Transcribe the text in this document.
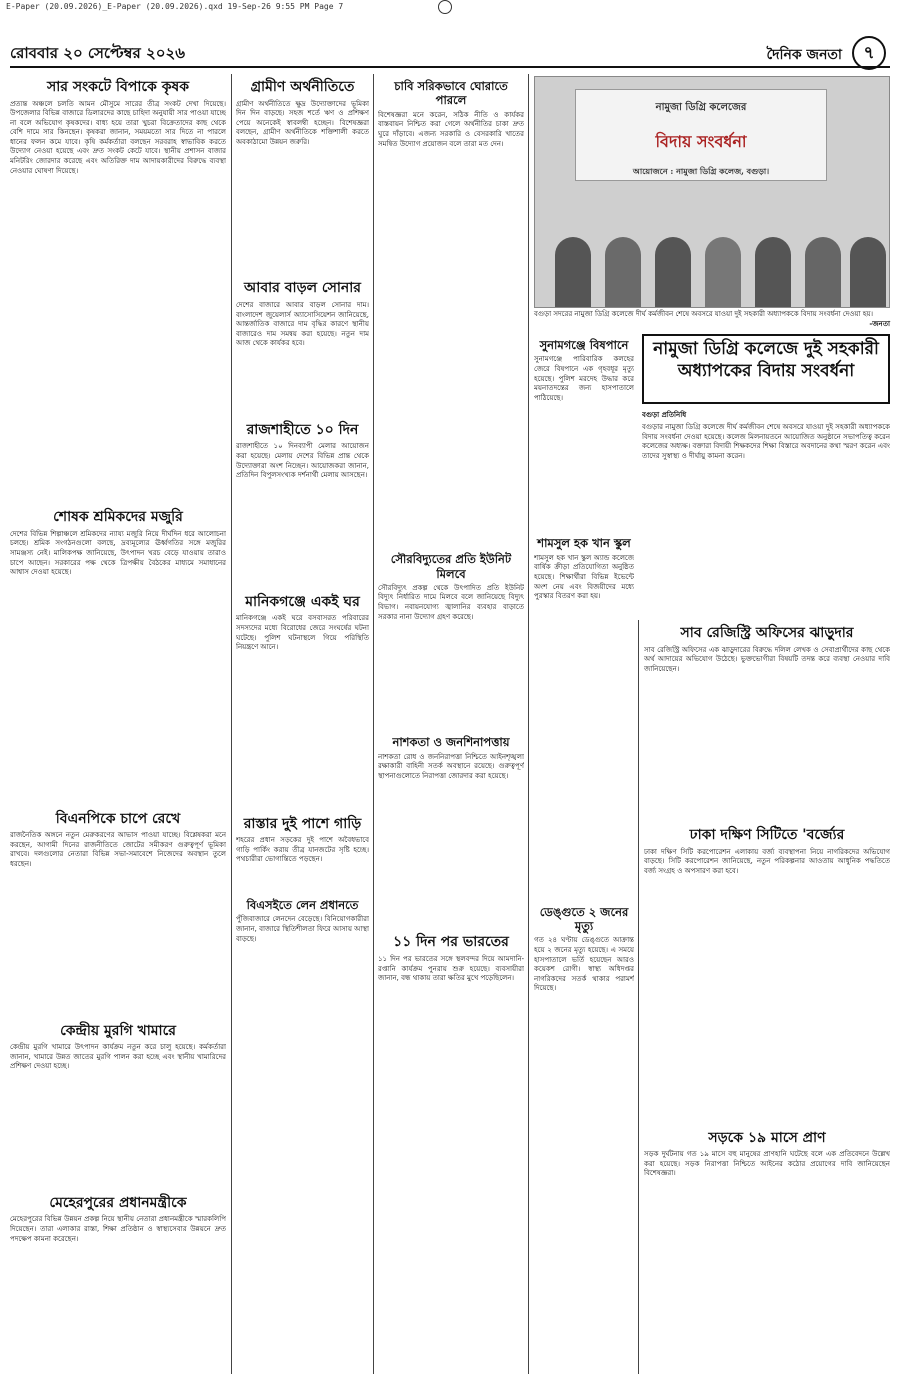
E-Paper (20.09.2026)_E-Paper (20.09.2026).qxd 19-Sep-26 9:55 PM Page 7
রোববার ২০ সেপ্টেম্বর ২০২৬	দৈনিক জনতা	৭
সার সংকটে বিপাকে কৃষক

প্রত্যন্ত অঞ্চলে চলতি আমন মৌসুমে সারের তীব্র সংকট দেখা দিয়েছে। উপজেলার বিভিন্ন বাজারে ডিলারদের কাছে চাহিদা অনুযায়ী সার পাওয়া যাচ্ছে না বলে অভিযোগ কৃষকদের। বাধ্য হয়ে তারা খুচরা বিক্রেতাদের কাছ থেকে বেশি দামে সার কিনছেন। কৃষকরা জানান, সময়মতো সার দিতে না পারলে ধানের ফলন কমে যাবে। কৃষি কর্মকর্তারা বলছেন সরবরাহ স্বাভাবিক করতে উদ্যোগ নেওয়া হয়েছে এবং দ্রুত সংকট কেটে যাবে। স্থানীয় প্রশাসন বাজার মনিটরিং জোরদার করেছে এবং অতিরিক্ত দাম আদায়কারীদের বিরুদ্ধে ব্যবস্থা নেওয়ার ঘোষণা দিয়েছে।

শোষক শ্রমিকদের মজুরি

দেশের বিভিন্ন শিল্পাঞ্চলে শ্রমিকদের ন্যায্য মজুরি নিয়ে দীর্ঘদিন ধরে আলোচনা চলছে। শ্রমিক সংগঠনগুলো বলছে, দ্রব্যমূল্যের ঊর্ধ্বগতির সঙ্গে মজুরির সামঞ্জস্য নেই। মালিকপক্ষ জানিয়েছে, উৎপাদন খরচ বেড়ে যাওয়ায় তারাও চাপে আছেন। সরকারের পক্ষ থেকে ত্রিপক্ষীয় বৈঠকের মাধ্যমে সমাধানের আশ্বাস দেওয়া হয়েছে।

বিএনপিকে চাপে রেখে

রাজনৈতিক অঙ্গনে নতুন মেরুকরণের আভাস পাওয়া যাচ্ছে। বিশ্লেষকরা মনে করছেন, আগামী দিনের রাজনীতিতে জোটের সমীকরণ গুরুত্বপূর্ণ ভূমিকা রাখবে। দলগুলোর নেতারা বিভিন্ন সভা-সমাবেশে নিজেদের অবস্থান তুলে ধরছেন।

কেন্দ্রীয় মুরগি খামারে

কেন্দ্রীয় মুরগি খামারে উৎপাদন কার্যক্রম নতুন করে চালু হয়েছে। কর্মকর্তারা জানান, খামারে উন্নত জাতের মুরগি পালন করা হচ্ছে এবং স্থানীয় খামারিদের প্রশিক্ষণ দেওয়া হচ্ছে।

মেহেরপুরের প্রধানমন্ত্রীকে

মেহেরপুরের বিভিন্ন উন্নয়ন প্রকল্প নিয়ে স্থানীয় নেতারা প্রধানমন্ত্রীকে স্মারকলিপি দিয়েছেন। তারা এলাকার রাস্তা, শিক্ষা প্রতিষ্ঠান ও স্বাস্থ্যসেবার উন্নয়নে দ্রুত পদক্ষেপ কামনা করেছেন।

গ্রামীণ অর্থনীতিতে

গ্রামীণ অর্থনীতিতে ক্ষুদ্র উদ্যোক্তাদের ভূমিকা দিন দিন বাড়ছে। সহজ শর্তে ঋণ ও প্রশিক্ষণ পেয়ে অনেকেই স্বাবলম্বী হচ্ছেন। বিশেষজ্ঞরা বলছেন, গ্রামীণ অর্থনীতিকে শক্তিশালী করতে অবকাঠামো উন্নয়ন জরুরি।

আবার বাড়ল সোনার

দেশের বাজারে আবার বাড়ল সোনার দাম। বাংলাদেশ জুয়েলার্স অ্যাসোসিয়েশন জানিয়েছে, আন্তর্জাতিক বাজারে দাম বৃদ্ধির কারণে স্থানীয় বাজারেও দাম সমন্বয় করা হয়েছে। নতুন দাম আজ থেকে কার্যকর হবে।

রাজশাহীতে ১০ দিন

রাজশাহীতে ১০ দিনব্যাপী মেলার আয়োজন করা হয়েছে। মেলায় দেশের বিভিন্ন প্রান্ত থেকে উদ্যোক্তারা অংশ নিচ্ছেন। আয়োজকরা জানান, প্রতিদিন বিপুলসংখ্যক দর্শনার্থী মেলায় আসছেন।

মানিকগঞ্জে একই ঘর

মানিকগঞ্জে একই ঘরে বসবাসরত পরিবারের সদস্যদের মধ্যে বিরোধের জেরে সংঘর্ষের ঘটনা ঘটেছে। পুলিশ ঘটনাস্থলে গিয়ে পরিস্থিতি নিয়ন্ত্রণে আনে।

রাস্তার দুই পাশে গাড়ি

শহরের প্রধান সড়কের দুই পাশে অবৈধভাবে গাড়ি পার্কিং করায় তীব্র যানজটের সৃষ্টি হচ্ছে। পথচারীরা ভোগান্তিতে পড়ছেন।

বিএসইতে লেন প্রধানতে

পুঁজিবাজারে লেনদেন বেড়েছে। বিনিয়োগকারীরা জানান, বাজারে স্থিতিশীলতা ফিরে আসায় আস্থা বাড়ছে।

চাবি সরিকভাবে ঘোরাতে পারলে

বিশেষজ্ঞরা মনে করেন, সঠিক নীতি ও কার্যকর বাস্তবায়ন নিশ্চিত করা গেলে অর্থনীতির চাকা দ্রুত ঘুরে দাঁড়াবে। এজন্য সরকারি ও বেসরকারি খাতের সমন্বিত উদ্যোগ প্রয়োজন বলে তারা মত দেন।

সৌরবিদ্যুতের প্রতি ইউনিট মিলবে

সৌরবিদ্যুৎ প্রকল্প থেকে উৎপাদিত প্রতি ইউনিট বিদ্যুৎ নির্ধারিত দামে মিলবে বলে জানিয়েছে বিদ্যুৎ বিভাগ। নবায়নযোগ্য জ্বালানির ব্যবহার বাড়াতে সরকার নানা উদ্যোগ গ্রহণ করেছে।

নাশকতা ও জনশিনাপত্তায়

নাশকতা রোধ ও জননিরাপত্তা নিশ্চিতে আইনশৃঙ্খলা রক্ষাকারী বাহিনী সতর্ক অবস্থানে রয়েছে। গুরুত্বপূর্ণ স্থাপনাগুলোতে নিরাপত্তা জোরদার করা হয়েছে।

১১ দিন পর ভারতের

১১ দিন পর ভারতের সঙ্গে স্থলবন্দর দিয়ে আমদানি-রপ্তানি কার্যক্রম পুনরায় শুরু হয়েছে। ব্যবসায়ীরা জানান, বন্ধ থাকায় তারা ক্ষতির মুখে পড়েছিলেন।

নামুজা ডিগ্রি কলেজের
বিদায় সংবর্ধনা
আয়োজনে : নামুজা ডিগ্রি কলেজ, বগুড়া।
বগুড়া সদরের নামুজা ডিগ্রি কলেজে দীর্ঘ কর্মজীবন শেষে অবসরে যাওয়া দুই সহকারী অধ্যাপককে বিদায় সংবর্ধনা দেওয়া হয়।
-জনতা
সুনামগঞ্জে বিষপানে

সুনামগঞ্জে পারিবারিক কলহের জেরে বিষপানে এক গৃহবধূর মৃত্যু হয়েছে। পুলিশ মরদেহ উদ্ধার করে ময়নাতদন্তের জন্য হাসপাতালে পাঠিয়েছে।

শামসুল হক খান স্কুল

শামসুল হক খান স্কুল অ্যান্ড কলেজে বার্ষিক ক্রীড়া প্রতিযোগিতা অনুষ্ঠিত হয়েছে। শিক্ষার্থীরা বিভিন্ন ইভেন্টে অংশ নেয় এবং বিজয়ীদের মধ্যে পুরস্কার বিতরণ করা হয়।

ডেঙ্গুতে ২ জনের মৃত্যু

গত ২৪ ঘণ্টায় ডেঙ্গুতে আক্রান্ত হয়ে ২ জনের মৃত্যু হয়েছে। এ সময়ে হাসপাতালে ভর্তি হয়েছেন আরও কয়েকশ রোগী। স্বাস্থ্য অধিদপ্তর নাগরিকদের সতর্ক থাকার পরামর্শ দিয়েছে।

নামুজা ডিগ্রি কলেজে দুই সহকারী অধ্যাপকের বিদায় সংবর্ধনা
বগুড়া প্রতিনিধি

বগুড়ার নামুজা ডিগ্রি কলেজে দীর্ঘ কর্মজীবন শেষে অবসরে যাওয়া দুই সহকারী অধ্যাপককে বিদায় সংবর্ধনা দেওয়া হয়েছে। কলেজ মিলনায়তনে আয়োজিত অনুষ্ঠানে সভাপতিত্ব করেন কলেজের অধ্যক্ষ। বক্তারা বিদায়ী শিক্ষকদের শিক্ষা বিস্তারে অবদানের কথা স্মরণ করেন এবং তাদের সুস্বাস্থ্য ও দীর্ঘায়ু কামনা করেন।

সাব রেজিস্ট্রি অফিসের ঝাড়ুদার

সাব রেজিস্ট্রি অফিসের এক ঝাড়ুদারের বিরুদ্ধে দলিল লেখক ও সেবাপ্রার্থীদের কাছ থেকে অর্থ আদায়ের অভিযোগ উঠেছে। ভুক্তভোগীরা বিষয়টি তদন্ত করে ব্যবস্থা নেওয়ার দাবি জানিয়েছেন।

ঢাকা দক্ষিণ সিটিতে 'বর্জ্যের

ঢাকা দক্ষিণ সিটি করপোরেশন এলাকায় বর্জ্য ব্যবস্থাপনা নিয়ে নাগরিকদের অভিযোগ বাড়ছে। সিটি করপোরেশন জানিয়েছে, নতুন পরিকল্পনার আওতায় আধুনিক পদ্ধতিতে বর্জ্য সংগ্রহ ও অপসারণ করা হবে।

সড়কে ১৯ মাসে প্রাণ

সড়ক দুর্ঘটনায় গত ১৯ মাসে বহু মানুষের প্রাণহানি ঘটেছে বলে এক প্রতিবেদনে উল্লেখ করা হয়েছে। সড়ক নিরাপত্তা নিশ্চিতে আইনের কঠোর প্রয়োগের দাবি জানিয়েছেন বিশেষজ্ঞরা।
